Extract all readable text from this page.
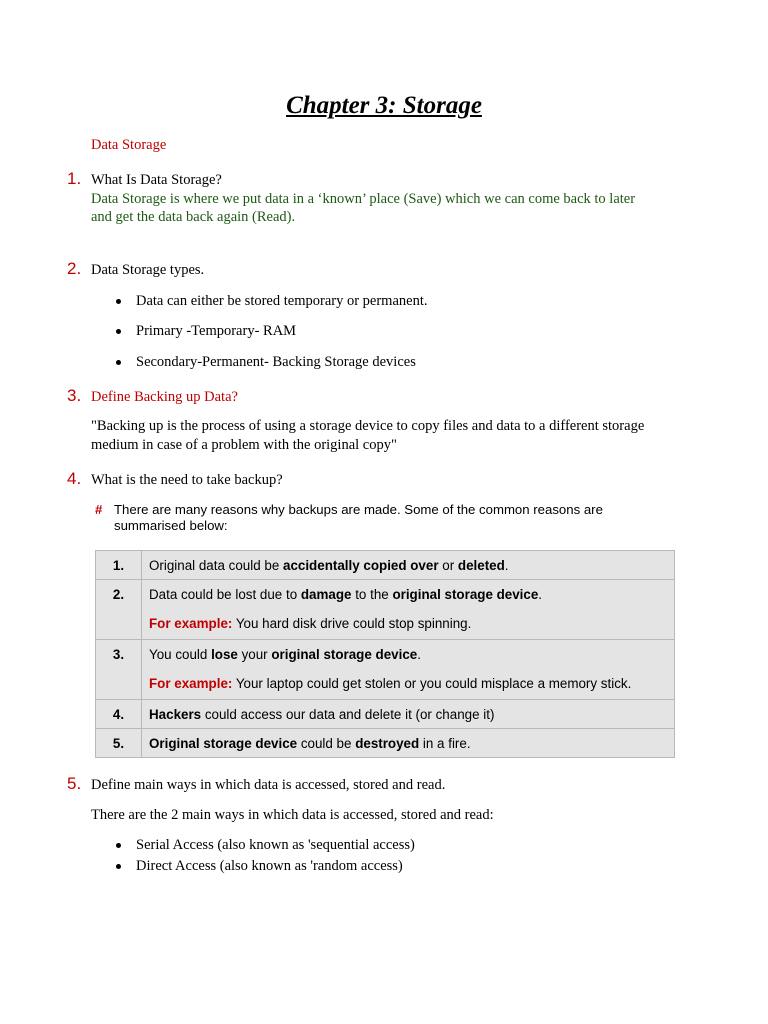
Chapter 3: Storage
Data Storage
1. What Is Data Storage?
Data Storage is where we put data in a ‘known’ place (Save) which we can come back to later
and get the data back again (Read).
2. Data Storage types.
Data can either be stored temporary or permanent.
Primary -Temporary- RAM
Secondary-Permanent- Backing Storage devices
3. Define Backing up Data?
"Backing up is the process of using a storage device to copy files and data to a different storage
medium in case of a problem with the original copy"
4. What is the need to take backup?
# There are many reasons why backups are made. Some of the common reasons are
summarised below:
1.	Original data could be accidentally copied over or deleted.
2.	Data could be lost due to damage to the original storage device.
For example: You hard disk drive could stop spinning.

3.	You could lose your original storage device.
For example: Your laptop could get stolen or you could misplace a memory stick.

4.	Hackers could access our data and delete it (or change it)
5.	Original storage device could be destroyed in a fire.
5. Define main ways in which data is accessed, stored and read.
There are the 2 main ways in which data is accessed, stored and read:
Serial Access (also known as 'sequential access)
Direct Access (also known as 'random access)
